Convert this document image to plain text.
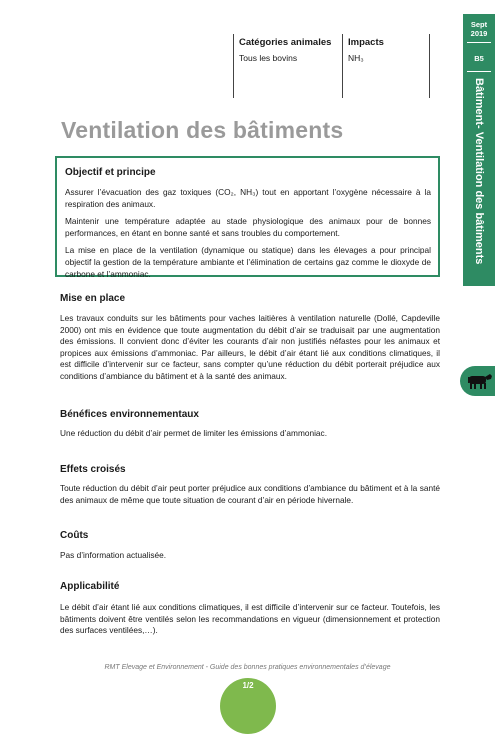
Catégories animales
Tous les bovins
Impacts
NH₃
Sept
2019
B5
Bâtiment- Ventilation des bâtiments
Ventilation des bâtiments
Objectif et principe

Assurer l’évacuation des gaz toxiques (CO₂, NH₃) tout en apportant l’oxygène nécessaire à la respiration des animaux.

Maintenir une température adaptée au stade physiologique des animaux pour de bonnes performances, en étant en bonne santé et sans troubles du comportement.

La mise en place de la ventilation (dynamique ou statique) dans les élevages a pour principal objectif la gestion de la température ambiante et l’élimination de certains gaz comme le dioxyde de carbone et l’ammoniac.

Mise en place

Les travaux conduits sur les bâtiments pour vaches laitières à ventilation naturelle (Dollé, Capdeville 2000) ont mis en évidence que toute augmentation du débit d’air se traduisait par une augmentation des émissions. Il convient donc d’éviter les courants d’air non justifiés néfastes pour les animaux et propices aux émissions d’ammoniac. Par ailleurs, le débit d’air étant lié aux conditions climatiques, il est difficile d’intervenir sur ce facteur, sans compter qu’une réduction du débit porterait préjudice aux conditions d’ambiance du bâtiment et à la santé des animaux.

Bénéfices environnementaux

Une réduction du débit d’air permet de limiter les émissions d’ammoniac.

Effets croisés

Toute réduction du débit d’air peut porter préjudice aux conditions d’ambiance du bâtiment et à la santé des animaux de même que toute situation de courant d’air en période hivernale.

Coûts

Pas d’information actualisée.

Applicabilité

Le débit d’air étant lié aux conditions climatiques, il est difficile d’intervenir sur ce facteur. Toutefois, les bâtiments doivent être ventilés selon les recommandations en vigueur (dimensionnement et protection des surfaces ventilées,…).

RMT Elevage et Environnement - Guide des bonnes pratiques environnementales d’élevage
1/2
